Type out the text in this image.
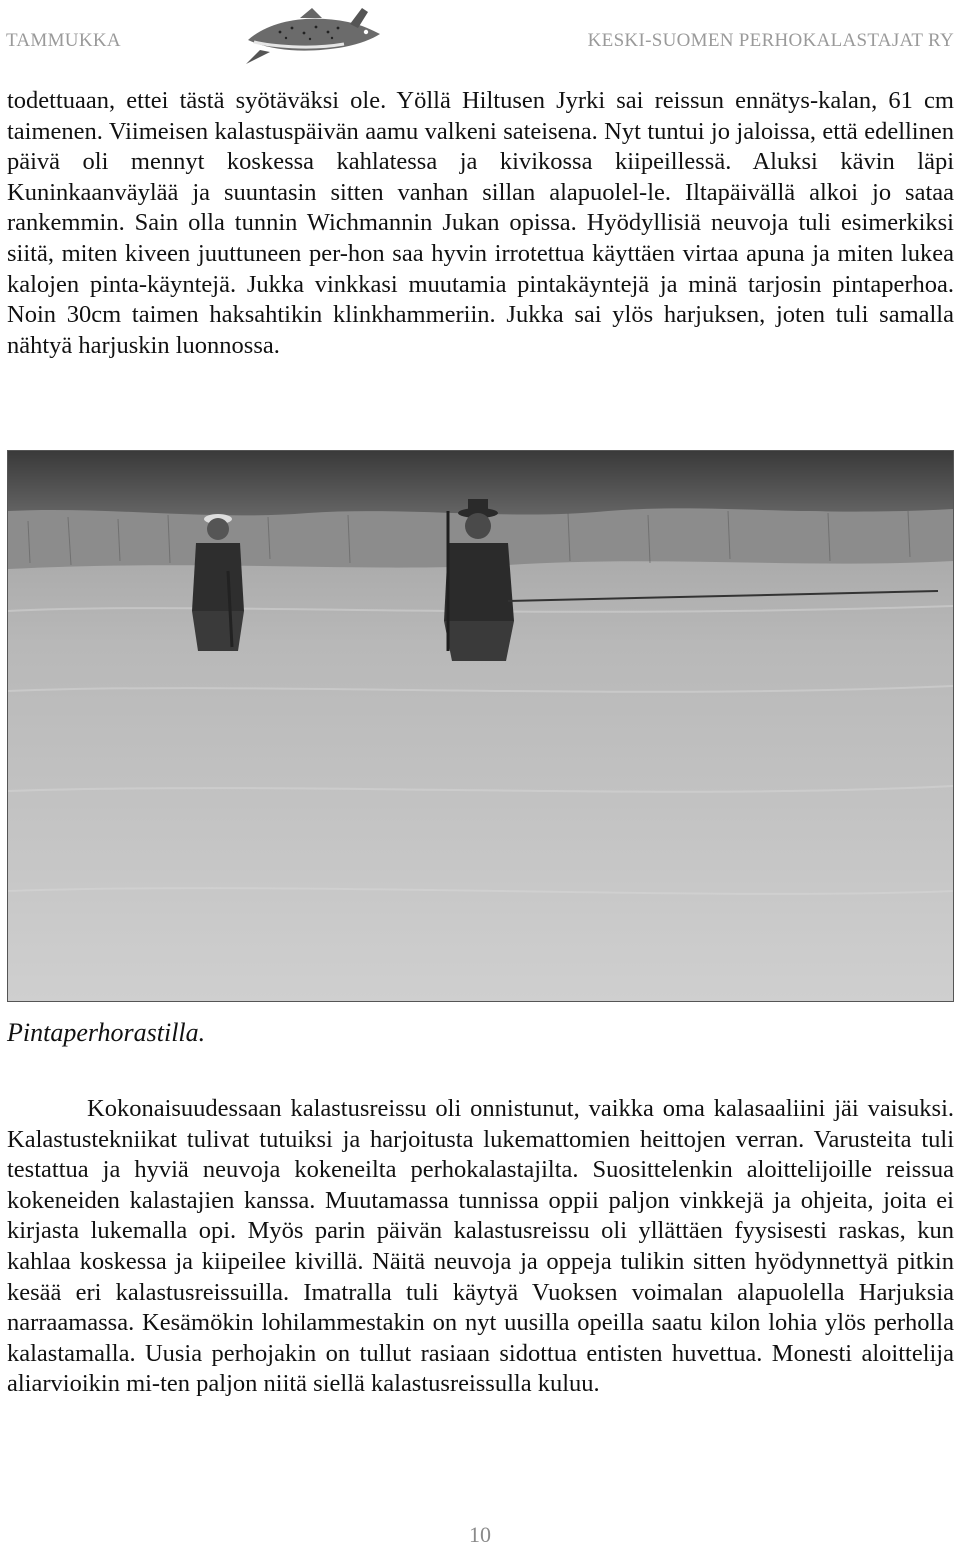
TAMMUKKA	KESKI-SUOMEN PERHOKALASTAJAT RY

todettuaan, ettei tästä syötäväksi ole. Yöllä Hiltusen Jyrki sai reissun ennätys-kalan, 61 cm taimenen. Viimeisen kalastuspäivän aamu valkeni sateisena. Nyt tuntui jo jaloissa, että edellinen päivä oli mennyt koskessa kahlatessa ja kivikossa kiipeillessä. Aluksi kävin läpi Kuninkaanväylää ja suuntasin sitten vanhan sillan alapuolel-le. Iltapäivällä alkoi jo sataa rankemmin. Sain olla tunnin Wichmannin Jukan opissa. Hyödyllisiä neuvoja tuli esimerkiksi siitä, miten kiveen juuttuneen per-hon saa hyvin irrotettua käyttäen virtaa apuna ja miten lukea kalojen pinta-käyntejä. Jukka vinkkasi muutamia pintakäyntejä ja minä tarjosin pintaperhoa. Noin 30cm taimen haksahtikin klinkhammeriin. Jukka sai ylös harjuksen, joten tuli samalla nähtyä harjuskin luonnossa.

Pintaperhorastilla.

Kokonaisuudessaan kalastusreissu oli onnistunut, vaikka oma kalasaaliini jäi vaisuksi. Kalastustekniikat tulivat tutuiksi ja harjoitusta lukemattomien heittojen verran. Varusteita tuli testattua ja hyviä neuvoja kokeneilta perhokalastajilta. Suosittelenkin aloittelijoille reissua kokeneiden kalastajien kanssa. Muutamassa tunnissa oppii paljon vinkkejä ja ohjeita, joita ei kirjasta lukemalla opi. Myös parin päivän kalastusreissu oli yllättäen fyysisesti raskas, kun kahlaa koskessa ja kiipeilee kivillä. Näitä neuvoja ja oppeja tulikin sitten hyödynnettyä pitkin kesää eri kalastusreissuilla. Imatralla tuli käytyä Vuoksen voimalan alapuolella Harjuksia narraamassa. Kesämökin lohilammestakin on nyt uusilla opeilla saatu kilon lohia ylös perholla kalastamalla. Uusia perhojakin on tullut rasiaan sidottua entisten huvettua. Monesti aloittelija aliarvioikin mi-ten paljon niitä siellä kalastusreissulla kuluu.

10
